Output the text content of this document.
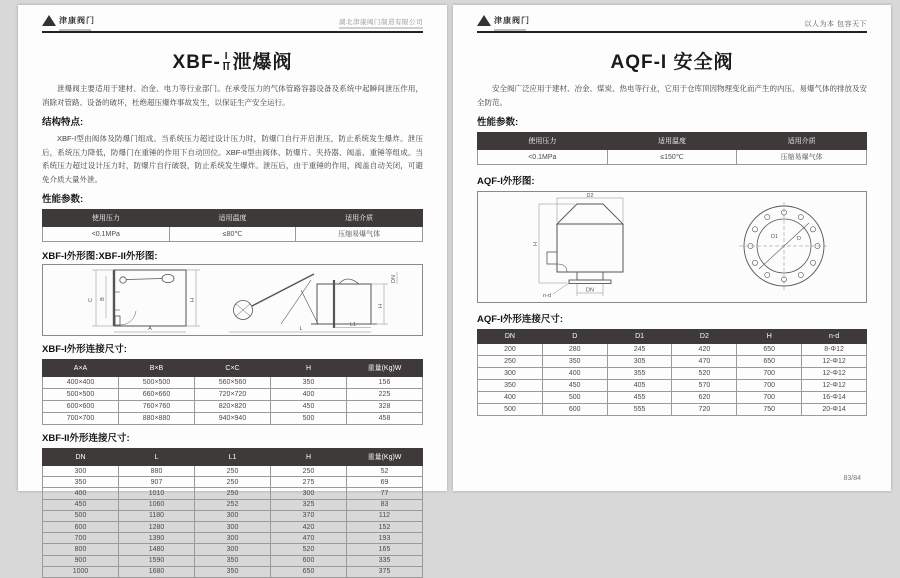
津康阀门	湖北津康阀门制造有限公司
$XBF- \frac{I}{II}$ 泄爆阀

泄爆阀主要适用于建材、冶金、电力等行业部门。在承受压力的气体管路容器设备及系统中起瞬间泄压作用，消除对管路、设备的破坏，杜绝超压爆炸事故发生，以保证生产安全运行。

结构特点:

XBF-I型由阀体及防爆门组成。当系统压力超过设计压力时，防爆门自行开启泄压，防止系统发生爆炸。泄压后，系统压力降低，防爆门在重锤的作用下自动回位。XBF-II型由阀体、防爆片、夹持器、阀盖、重锤等组成。当系统压力超过设计压力时，防爆片自行破裂，防止系统发生爆炸。泄压后，由于重锤的作用，阀盖自动关闭，可避免介质大量外泄。

性能参数:
使用压力	适用温度	适用介质
<0.1MPa	≤80℃	压缩易爆气体
XBF-I外形图: XBF-II外形图:
C B	H
A	L
L1
H
DN
XBF-I外形连接尺寸:
A×A	B×B	C×C	H	重量(Kg)W
400×400	500×500	560×560	350	156
500×500	660×660	720×720	400	225
600×600	760×760	820×820	450	328
700×700	880×880	940×940	500	458
XBF-II外形连接尺寸:
DN	L	L1	H	重量(Kg)W
300	880	250	250	52
350	907	250	275	69
400	1010	250	300	77
450	1060	252	325	83
500	1180	300	370	112
600	1280	300	420	152
700	1390	300	470	193
800	1480	300	520	165
900	1590	350	600	335
1000	1680	350	650	375
津康阀门	以人为本 包容天下
AQF-I 安全阀

安全阀广泛应用于建材、冶金、煤炭、热电等行业，它用于仓库顶因物理变化而产生的内压、易爆气体的排放及安全防范。

性能参数:
使用压力	适用温度	适用介质
<0.1MPa	≤150℃	压缩易爆气体
AQF-I外形图:
D2
H
DN
n-d
D1	D
AQF-I外形连接尺寸:
DN	D	D1	D2	H	n-d
200	280	245	420	650	8-Φ12
250	350	305	470	650	12-Φ12
300	400	355	520	700	12-Φ12
350	450	405	570	700	12-Φ12
400	500	455	620	700	16-Φ14
500	600	555	720	750	20-Φ14
83/84
